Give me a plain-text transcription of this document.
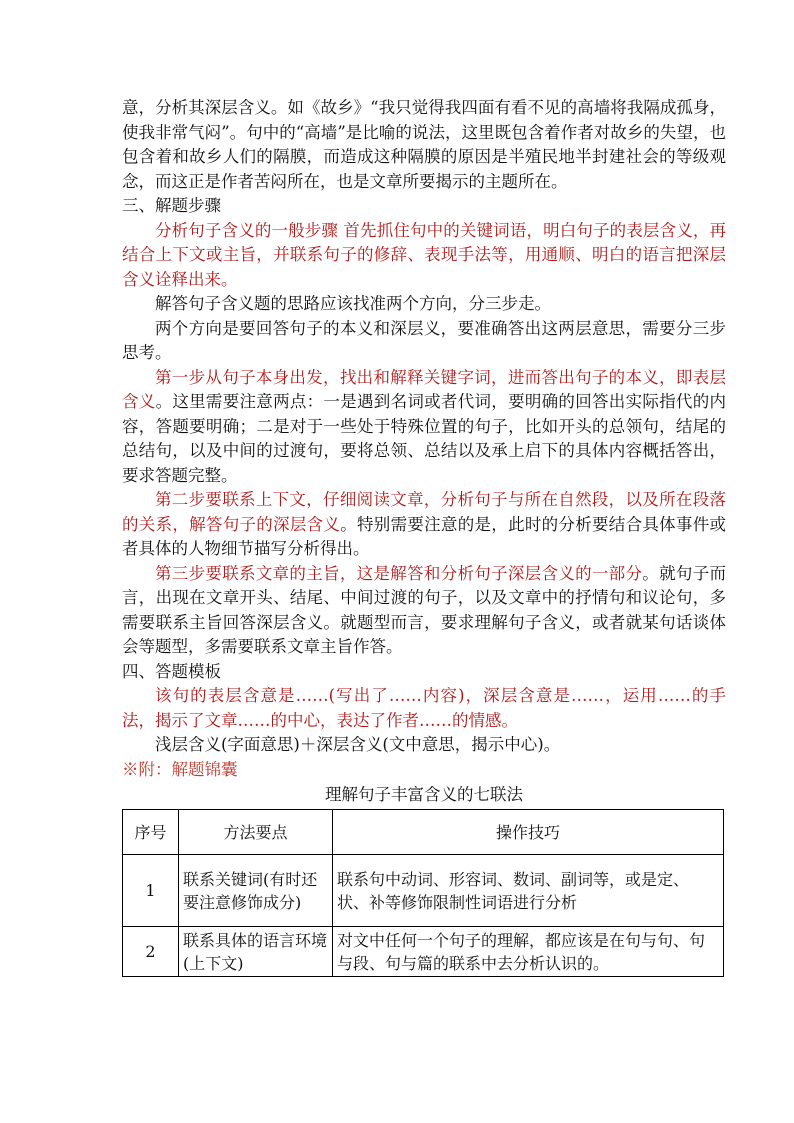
意，分析其深层含义。如《故乡》“我只觉得我四面有看不见的高墙将我隔成孤身，使我非常气闷”。句中的“高墙”是比喻的说法，这里既包含着作者对故乡的失望，也包含着和故乡人们的隔膜，而造成这种隔膜的原因是半殖民地半封建社会的等级观念，而这正是作者苦闷所在，也是文章所要揭示的主题所在。

三、解题步骤

分析句子含义的一般步骤 首先抓住句中的关键词语，明白句子的表层含义，再结合上下文或主旨，并联系句子的修辞、表现手法等，用通顺、明白的语言把深层含义诠释出来。

解答句子含义题的思路应该找准两个方向，分三步走。

两个方向是要回答句子的本义和深层义，要准确答出这两层意思，需要分三步思考。

第一步从句子本身出发，找出和解释关键字词，进而答出句子的本义，即表层含义。这里需要注意两点：一是遇到名词或者代词，要明确的回答出实际指代的内容，答题要明确；二是对于一些处于特殊位置的句子，比如开头的总领句，结尾的总结句，以及中间的过渡句，要将总领、总结以及承上启下的具体内容概括答出，要求答题完整。

第二步要联系上下文，仔细阅读文章，分析句子与所在自然段，以及所在段落的关系，解答句子的深层含义。特别需要注意的是，此时的分析要结合具体事件或者具体的人物细节描写分析得出。

第三步要联系文章的主旨，这是解答和分析句子深层含义的一部分。就句子而言，出现在文章开头、结尾、中间过渡的句子，以及文章中的抒情句和议论句，多需要联系主旨回答深层含义。就题型而言，要求理解句子含义，或者就某句话谈体会等题型，多需要联系文章主旨作答。

四、答题模板

该句的表层含意是……(写出了……内容)，深层含意是……，运用……的手法，揭示了文章……的中心，表达了作者……的情感。

浅层含义(字面意思)＋深层含义(文中意思，揭示中心)。

※附：解题锦囊

理解句子丰富含义的七联法
序号	方法要点	操作技巧
1	联系关键词(有时还要注意修饰成分)	联系句中动词、形容词、数词、副词等，或是定、状、补等修饰限制性词语进行分析
2	联系具体的语言环境(上下文)	对文中任何一个句子的理解，都应该是在句与句、句与段、句与篇的联系中去分析认识的。
